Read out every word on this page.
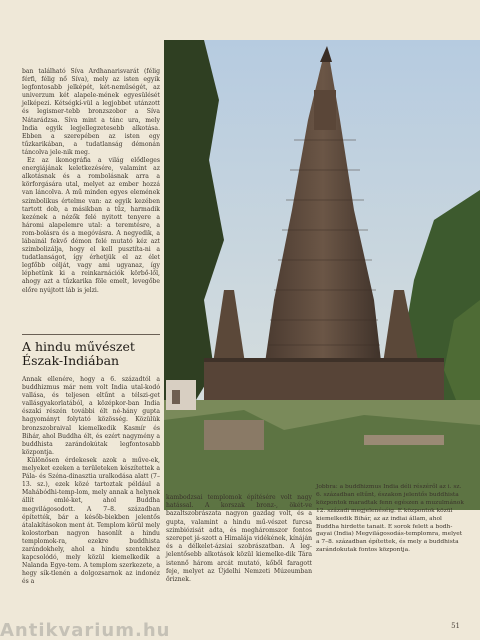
ban található Síva Ardhanarisvarát (félig férfi, félig nő Síva), mely az isten egyik legfontosabb jelképét, két-neműségét, az univerzum két alapele-mének egyesülését jelképezi. Kétségkí-vül a legjobbet utánzott és legismer-tebb bronzszobor a Síva Nátarádzsa. Síva mint a tánc ura, mely India egyik legjellegzetesebb alkotása. Ebben a szerepében az isten egy tűzkarikában, a tudatlanság démonán táncolva jele-nik meg.

Ez az ikonográfia a világ elődleges energiájának keletkezésére, valamint az alkotásnak és a rombolásnak arra a körforgására utal, melyet az ember hozzá van láncolva. A mű minden egyes elemének szimbolikus értelme van: az egyik kezében tartott dob, a másikban a tűz, harmadik kezének a nézők felé nyitott tenyere a háromi alapelemre utal: a teremtésre, a rom-bolásra és a megóvásra. A negyedik, a lábainál fekvő démon felé mutató kéz azt szimbolizálja, hogy el kell pusztíta-ni a tudatlanságot, így érhetjük el az élet legfőbb célját, vagy ami ugyanaz, így léphetünk ki a reinkarnációk körbő-lől, ahogy azt a tűzkarika föle emelt, levegőbe előre nyújtott láb is jelzi.

A hindu művészet Észak-Indiában

Annak ellenére, hogy a 6. századtól a buddhizmus már nem volt India utal-kodó vallása, és teljesen eltűnt a télszi-get vallásgyakorlatából, a középkor-ban India északi részén további élt né-hány gupta hagyományt folytató közösség. Közülük bronzszobraival kiemelkedik Kasmír és Bihár, ahol Buddha élt, és ezért nagymény a buddhista zarándokútak legfontosabb központja.

Különösen érdekesek azok a műve-ek, melyeket ezeken a területeken készítettek a Pála- és Széna-dinasztia uralkodása alatt (7–13. sz.), ezek közé tartoztak például a Mahábódhi-temp-lom, mely annak a helynek állít emlé-ket, ahol Buddha megvilágosodott. A 7–8. században építették, bár a későb-biekben jelentős átalakításokon ment át. Templom körül mely kolostorban nagyon hasonlít a hindu templomok-ra, ezekre buddhista zarándokhely, ahol a hindu szentekhez kapcsolódó, mely közül kiemelkedik a Nalanda Egye-tem. A templom szerkezete, a hegy sík-tlenén a dolgozsarnok az indonéz és a

kambodzsai templomok építésére volt nagy hatással. A korszak bronz-, ökét-ve bazaltszobrászata nagyon gazdag volt, és a gupta, valamint a hindu mű-vészet furcsa szimbiózisát adta, és megháromszor fontos szerepet já-szott a Himalája vidékének, kínáján és a délkelet-ázsiai szobrászatban. A leg-jelentősebb alkotások közül kiemelke-dik Tára istennő három arcát mutató, kőből faragott feje, melyet az Újdelhi Nemzeti Múzeumban őriznek.

Jobbra: a buddhizmus India déli részéről az i. sz. 6. században eltűnt, északon jelentős buddhista központok maradtak fenn egészen a muzulmánok 12. századi megjelenéséig. E központok közül kiemelkedik Bihár, az az indiai állam, ahol Buddha hirdette tanait. E sorok felett a bodh-gayai (India) Megvilágosodás-templomra, melyet a 7–8. században építettek, és mely a buddhista zarándokutak fontos központja.

51
Antikvarium.hu
